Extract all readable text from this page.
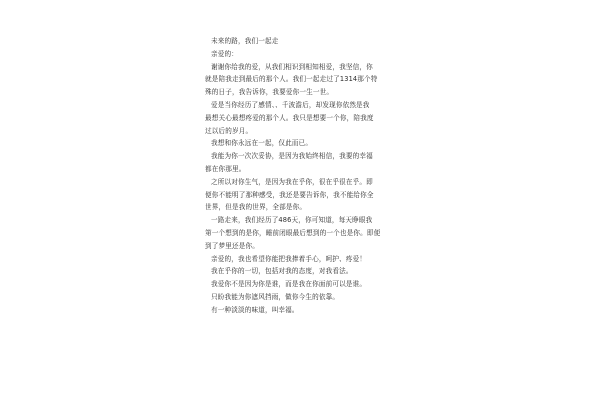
未来的路，我们一起走
亲爱的：
谢谢你给我的爱，从我们相识到相知相爱，我坚信，你
就是陪我走到最后的那个人。我们一起走过了1314那个特
殊的日子，我告诉你，我要爱你一生一世。
爱是当你经历了感情、、千波澹后，却发现你依然是我
最想关心最想疼爱的那个人。我只是想要一个你，陪我度
过以后的岁月。
我想和你永远在一起，仅此而已。
我能为你一次次妥协，是因为我始终相信，我要的幸福
都在你那里。
之所以对你生气，是因为我在乎你，很在乎很在乎。即
便你不能明了那种感受，我还是要告诉你，我不能给你全
世界，但是我的世界，全部是你。
一路走来，我们经历了486天，你可知道，每天睁眼我
第一个想到的是你，睡前闭眼最后想到的一个也是你。即便
到了梦里还是你。
亲爱的，我也希望你能把我捧着手心，呵护、疼爱！
我在乎你的一切，包括对我的态度，对我看法。
我爱你不是因为你是谁，而是我在你面前可以是谁。
只盼我能为你遮风挡雨，做你今生的依靠。
有一种淡淡的味道，叫幸福。
